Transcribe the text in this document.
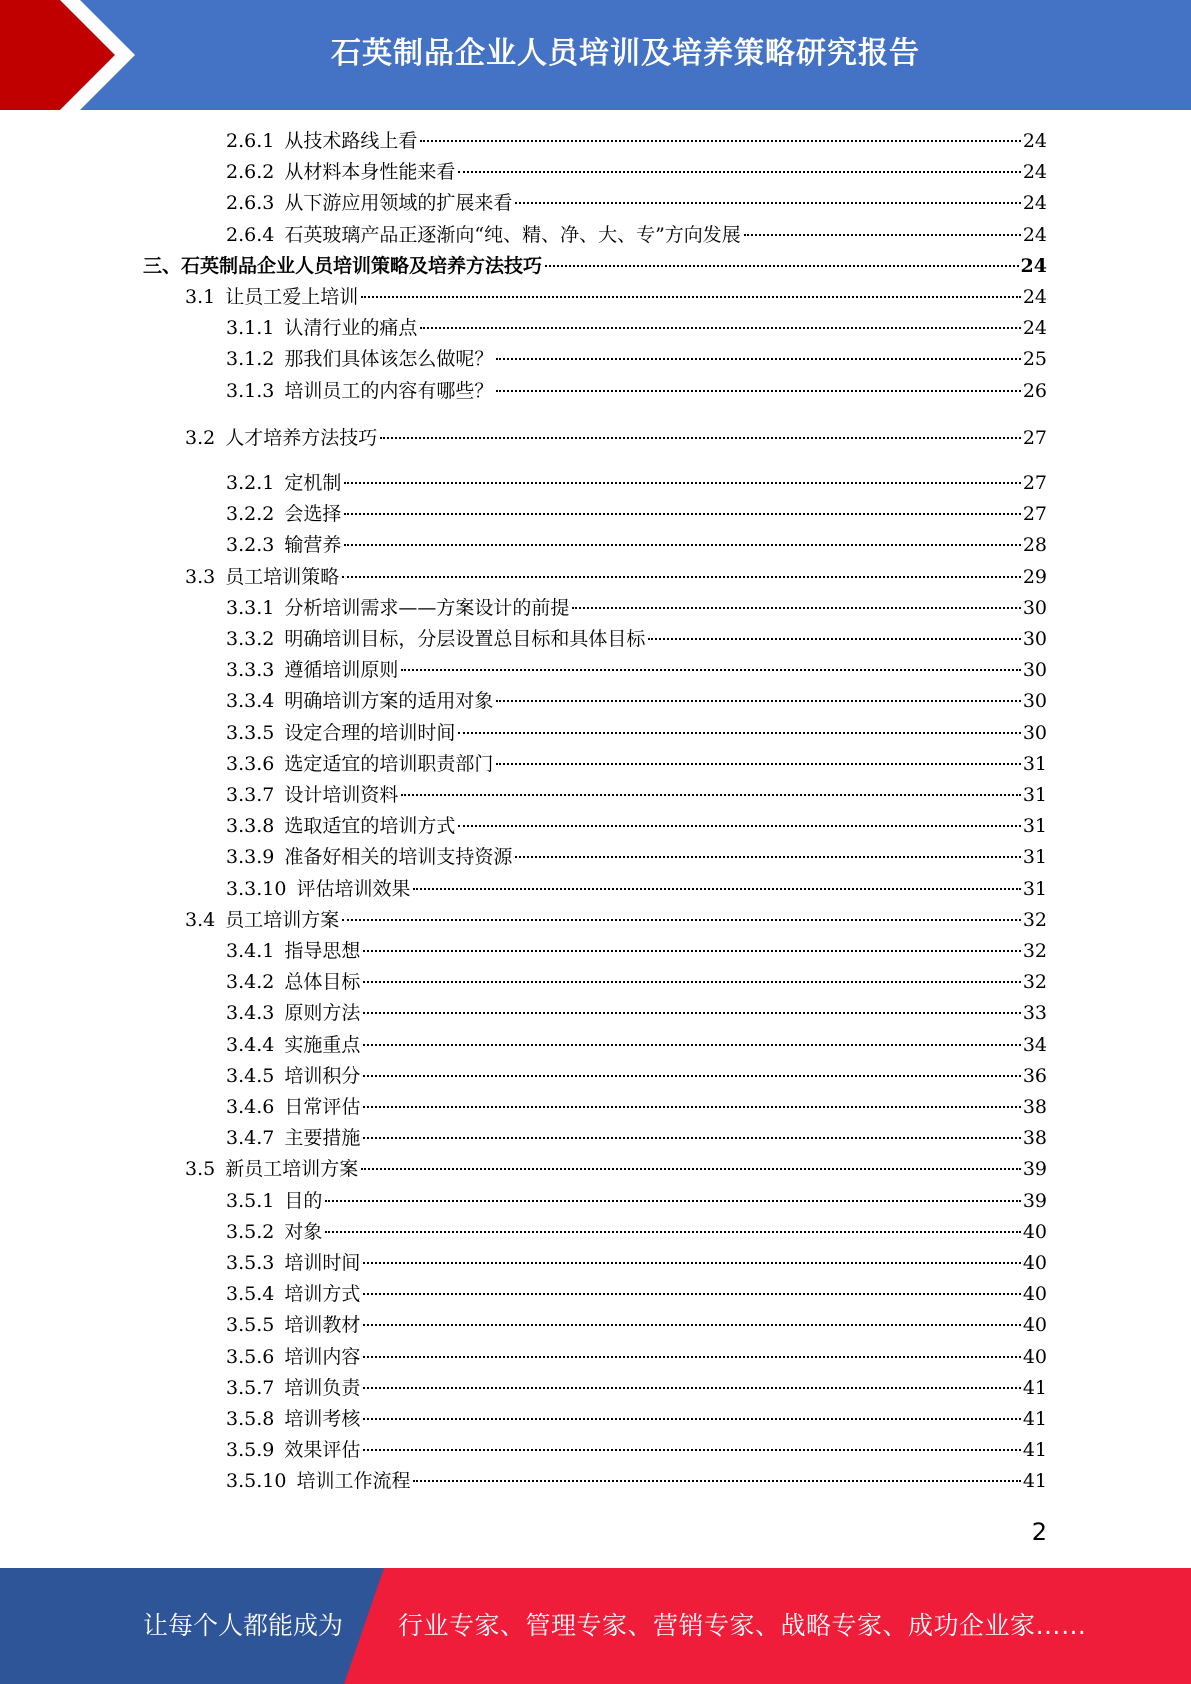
石英制品企业人员培训及培养策略研究报告
2.6.1 从技术路线上看	24
2.6.2 从材料本身性能来看	24
2.6.3 从下游应用领域的扩展来看	24
2.6.4 石英玻璃产品正逐渐向“纯、精、净、大、专”方向发展	24
三、石英制品企业人员培训策略及培养方法技巧	24
3.1 让员工爱上培训	24
3.1.1 认清行业的痛点	24
3.1.2 那我们具体该怎么做呢？	25
3.1.3 培训员工的内容有哪些？	26
3.2 人才培养方法技巧	27
3.2.1 定机制	27
3.2.2 会选择	27
3.2.3 输营养	28
3.3 员工培训策略	29
3.3.1 分析培训需求——方案设计的前提	30
3.3.2 明确培训目标，分层设置总目标和具体目标	30
3.3.3 遵循培训原则	30
3.3.4 明确培训方案的适用对象	30
3.3.5 设定合理的培训时间	30
3.3.6 选定适宜的培训职责部门	31
3.3.7 设计培训资料	31
3.3.8 选取适宜的培训方式	31
3.3.9 准备好相关的培训支持资源	31
3.3.10 评估培训效果	31
3.4 员工培训方案	32
3.4.1 指导思想	32
3.4.2 总体目标	32
3.4.3 原则方法	33
3.4.4 实施重点	34
3.4.5 培训积分	36
3.4.6 日常评估	38
3.4.7 主要措施	38
3.5 新员工培训方案	39
3.5.1 目的	39
3.5.2 对象	40
3.5.3 培训时间	40
3.5.4 培训方式	40
3.5.5 培训教材	40
3.5.6 培训内容	40
3.5.7 培训负责	41
3.5.8 培训考核	41
3.5.9 效果评估	41
3.5.10 培训工作流程	41
2
让每个人都能成为 行业专家、管理专家、营销专家、战略专家、成功企业家……
